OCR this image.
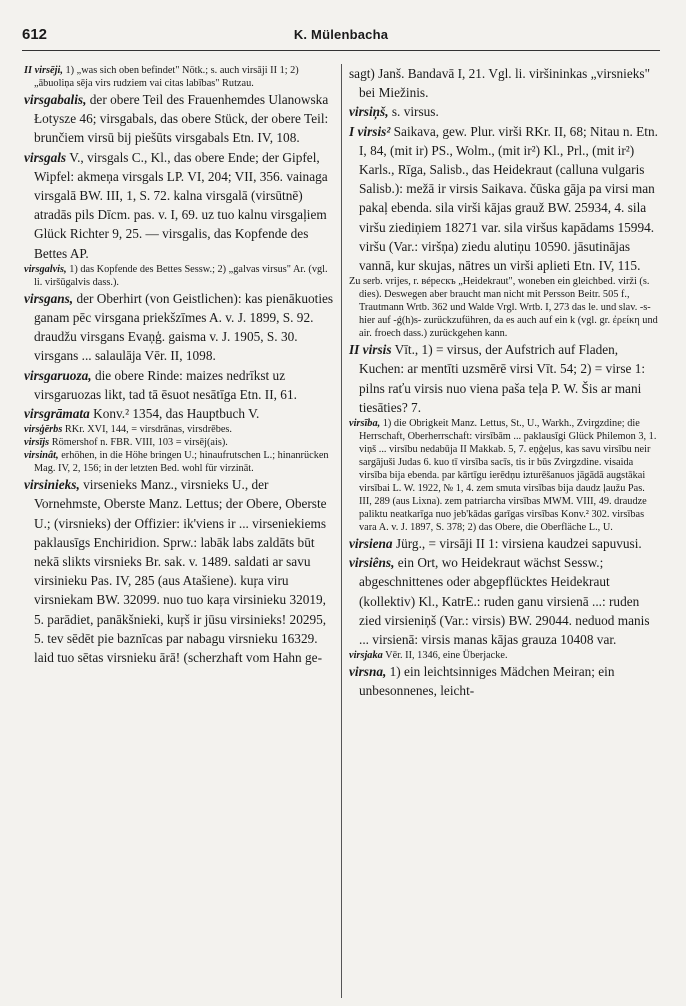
612	K. Mülenbacha

II virsēji, 1) „was sich oben befindet" Nötk.; s. auch virsāji II 1; 2) „ābuoliņa sēja virs rudziem vai citas labības" Rutzau.

virsgabalis, der obere Teil des Frauenhemdes Ulanowska Łotysze 46; virsgabals, das obere Stück, der obere Teil: brunčiem virsū bij piešūts virsgabals Etn. IV, 108.

virsgals V., virsgals C., Kl., das obere Ende; der Gipfel, Wipfel: akmeņa virsgals LP. VI, 204; VII, 356. vainaga virsgalā BW. III, 1, S. 72. kalna virsgalā (virsūtnē) atradās pils Dīcm. pas. v. I, 69. uz tuo kalnu virsgaļiem Glück Richter 9, 25. — virsgalis, das Kopfende des Bettes AP.

virsgalvis, 1) das Kopfende des Bettes Sessw.; 2) „galvas virsus" Ar. (vgl. li. viršūgalvis dass.).

virsgans, der Oberhirt (von Geistlichen): kas pienākuoties ganam pēc virsgana priekšzīmes A. v. J. 1899, S. 92. draudžu virsgans Evaņģ. gaisma v. J. 1905, S. 30. virsgans ... salaulāja Vēr. II, 1098.

virsgaruoza, die obere Rinde: maizes nedrīkst uz virsgaruozas likt, tad tā ēsuot nesātīga Etn. II, 61.

virsgrāmata Konv.² 1354, das Hauptbuch V.

virsģērbs RKr. XVI, 144, = virsdrānas, virsdrēbes.

virsījs Römershof n. FBR. VIII, 103 = virsēj(ais).

virsinât, erhöhen, in die Höhe bringen U.; hinaufrutschen L.; hinanrücken Mag. IV, 2, 156; in der letzten Bed. wohl für virzināt.

virsinieks, virsenieks Manz., virsnieks U., der Vornehmste, Oberste Manz. Lettus; der Obere, Oberste U.; (virsnieks) der Offizier: ik'viens ir ... virseniekiems paklausīgs Enchiridion. Sprw.: labāk labs zaldāts būt nekā slikts virsnieks Br. sak. v. 1489. saldati ar savu virsinieku Pas. IV, 285 (aus Atašiene). kuŗa viru virsniekam BW. 32099. nuo tuo kaŗa virsinieku 32019, 5. parādiet, panākšnieki, kuŗš ir jūsu virsinieks! 20295, 5. tev sēdēt pie baznīcas par nabagu virsnieku 16329. laid tuo sētas virsnieku ārā! (scherzhaft vom Hahn ge-

sagt) Janš. Bandavā I, 21. Vgl. li. viršininkas „virsnieks" bei Miežinis.

virsiņš, s. virsus.

I virsis² Saikava, gew. Plur. virši RKr. II, 68; Nitau n. Etn. I, 84, (mit ir) PS., Wolm., (mit ir²) Kl., Prl., (mit ir²) Karls., Rīga, Salisb., das Heidekraut (calluna vulgaris Salisb.): mežā ir virsis Saikava. čūska gāja pa virsi man pakaļ ebenda. sila virši kājas grauž BW. 25934, 4. sila viršu ziediņiem 18271 var. sila viršus kapādams 15994. viršu (Var.: viršņa) ziedu alutiņu 10590. jāsutinājas vannā, kur skujas, nātres un virši aplieti Etn. IV, 115.

Zu serb. vrijes, r. вéрескъ „Heidekraut", woneben ein gleichbed. virži (s. dies). Deswegen aber braucht man nicht mit Persson Beitr. 505 f., Trautmann Wrtb. 362 und Walde Vrgl. Wrtb. I, 273 das le. und slav. -s- hier auf -ǵ(h)s- zurückzuführen, da es auch auf ein k (vgl. gr. ἐρείκη und air. froech dass.) zurückgehen kann.

II virsis Vīt., 1) = virsus, der Aufstrich auf Fladen, Kuchen: ar mentīti uzsmērē virsi Vīt. 54; 2) = virse 1: pilns raťu virsis nuo viena paša teļa P. W. Šis ar mani tiesāties? 7.

virsība, 1) die Obrigkeit Manz. Lettus, St., U., Warkh., Zvirgzdine; die Herrschaft, Oberherrschaft: virsībām ... paklausīgi Glück Philemon 3, 1. viņš ... virsību nedabūja II Makkab. 5, 7. eņģeļus, kas savu virsību neir sargājuši Judas 6. kuo tī virsība sacīs, tis ir būs Zvirgzdine. visaida virsība bija ebenda. par kārtīgu ierēdņu izturēšanuos jāgādā augstākai virsībai L. W. 1922, № 1, 4. zem smuta virsības bija daudz ļaužu Pas. III, 289 (aus Lixna). zem patriarcha virsības MWM. VIII, 49. draudze paliktu neatkarīga nuo jeb'kādas garīgas virsības Konv.² 302. virsības vara A. v. J. 1897, S. 378; 2) das Obere, die Oberfläche L., U.

virsiena Jürg., = virsāji II 1: virsiena kaudzei sapuvusi.

virsiêns, ein Ort, wo Heidekraut wächst Sessw.; abgeschnittenes oder abgepflücktes Heidekraut (kollektiv) Kl., KatrE.: ruden ganu virsienā ...: ruden zied virsieniņš (Var.: virsis) BW. 29044. neduod manis ... virsienā: virsis manas kājas grauza 10408 var.

virsjaka Vēr. II, 1346, eine Überjacke.

virsna, 1) ein leichtsinniges Mädchen Meiran; ein unbesonnenes, leicht-
